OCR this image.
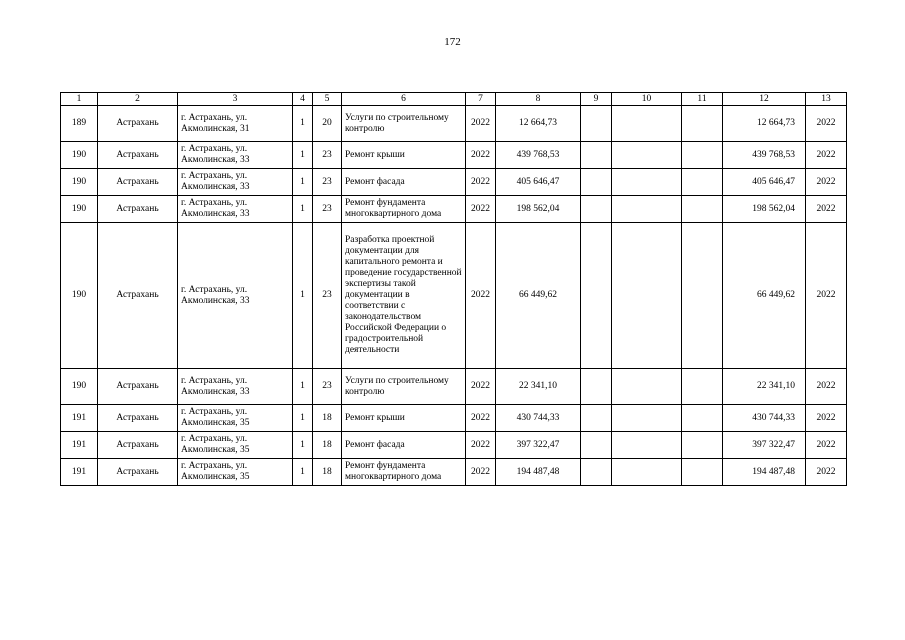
172
1	2	3	4	5	6	7	8	9	10	11	12	13
189	Астрахань	г. Астрахань, ул. Акмолинская, 31	1	20	Услуги по строительному контролю	2022	12 664,73				12 664,73	2022
190	Астрахань	г. Астрахань, ул. Акмолинская, 33	1	23	Ремонт крыши	2022	439 768,53				439 768,53	2022
190	Астрахань	г. Астрахань, ул. Акмолинская, 33	1	23	Ремонт фасада	2022	405 646,47				405 646,47	2022
190	Астрахань	г. Астрахань, ул. Акмолинская, 33	1	23	Ремонт фундамента многоквартирного дома	2022	198 562,04				198 562,04	2022
190	Астрахань	г. Астрахань, ул. Акмолинская, 33	1	23	Разработка проектной документации для капитального ремонта и проведение государственной экспертизы такой документации в соответствии с законодательством Российской Федерации о градостроительной деятельности	2022	66 449,62				66 449,62	2022
190	Астрахань	г. Астрахань, ул. Акмолинская, 33	1	23	Услуги по строительному контролю	2022	22 341,10				22 341,10	2022
191	Астрахань	г. Астрахань, ул. Акмолинская, 35	1	18	Ремонт крыши	2022	430 744,33				430 744,33	2022
191	Астрахань	г. Астрахань, ул. Акмолинская, 35	1	18	Ремонт фасада	2022	397 322,47				397 322,47	2022
191	Астрахань	г. Астрахань, ул. Акмолинская, 35	1	18	Ремонт фундамента многоквартирного дома	2022	194 487,48				194 487,48	2022
